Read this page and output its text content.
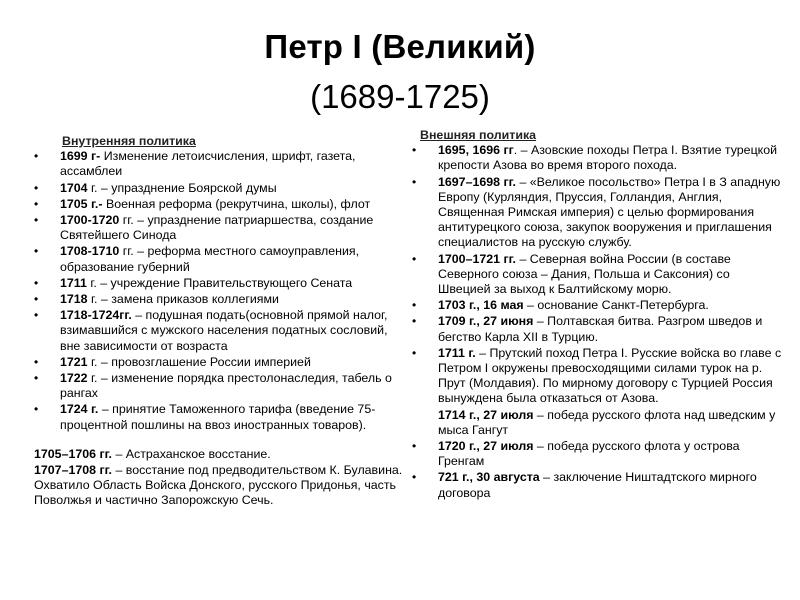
Петр I (Великий)
(1689-1725)
Внутренняя политика
• 1699 г- Изменение летоисчисления, шрифт, газета, ассамблеи
• 1704 г. – упразднение Боярской думы
• 1705 г.- Военная реформа (рекрутчина, школы), флот
• 1700-1720 гг. – упразднение патриаршества, создание Святейшего Синода
• 1708-1710 гг. – реформа местного самоуправления, образование губерний
• 1711 г. – учреждение Правительствующего Сената
• 1718 г. – замена приказов коллегиями
• 1718-1724гг. – подушная подать(основной прямой налог, взимавшийся с мужского населения податных сословий, вне зависимости от возраста
• 1721 г. – провозглашение России империей
• 1722 г. – изменение порядка престолонаследия, табель о рангах
• 1724 г. – принятие Таможенного тарифа (введение 75-процентной пошлины на ввоз иностранных товаров).

1705–1706 гг. – Астраханское восстание.

1707–1708 гг. – восстание под предводительством К. Булавина. Охватило Область Войска Донского, русского Придонья, часть Поволжья и частично Запорожскую Сечь.

Внешняя политика
• 1695, 1696 гг. – Азовские походы Петра I. Взятие турецкой крепости Азова во время второго похода.
• 1697–1698 гг. – «Великое посольство» Петра I в З ападную Европу (Курляндия, Пруссия, Голландия, Англия, Священная Римская империя) с целью формирования антитурецкого союза, закупок вооружения и приглашения специалистов на русскую службу.
• 1700–1721 гг. – Северная война России (в составе Северного союза – Дания, Польша и Саксония) со Швецией за выход к Балтийскому морю.
• 1703 г., 16 мая – основание Санкт-Петербурга.
• 1709 г., 27 июня – Полтавская битва. Разгром шведов и бегство Карла XII в Турцию.
• 1711 г. – Прутский поход Петра I. Русские войска во главе с Петром I окружены превосходящими силами турок на р. Прут (Молдавия). По мирному договору с Турцией Россия вынуждена была отказаться от Азова.
1714 г., 27 июля – победа русского флота над шведским у мыса Гангут
• 1720 г., 27 июля – победа русского флота у острова Гренгам
• 721 г., 30 августа – заключение Ништадтского мирного договора
